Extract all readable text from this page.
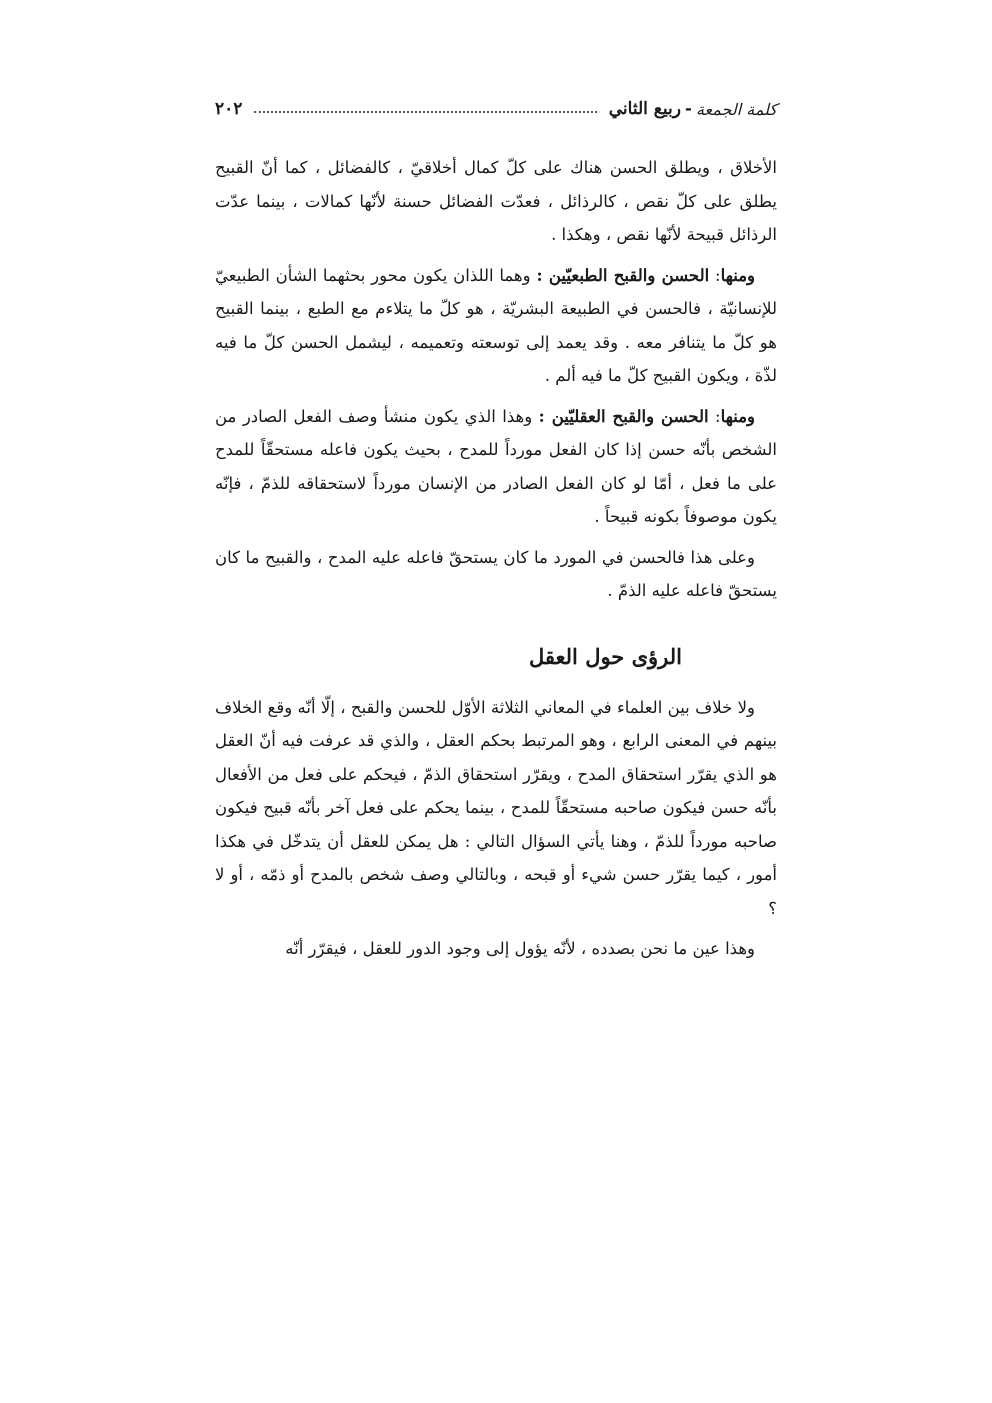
كلمة الجمعة
-
ربيع الثاني
٢٠٢

الأخلاق ، ويطلق الحسن هناك على كلّ كمال أخلاقيّ ، كالفضائل ، كما أنّ القبيح يطلق على كلّ نقص ، كالرذائل ، فعدّت الفضائل حسنة لأنّها كمالات ، بينما عدّت الرذائل قبيحة لأنّها نقص ، وهكذا .

ومنها: الحسن والقبح الطبعيّين : وهما اللذان يكون محور بحثهما الشأن الطبيعيّ للإنسانيّة ، فالحسن في الطبيعة البشريّة ، هو كلّ ما يتلاءم مع الطبع ، بينما القبيح هو كلّ ما يتنافر معه . وقد يعمد إلى توسعته وتعميمه ، ليشمل الحسن كلّ ما فيه لذّة ، ويكون القبيح كلّ ما فيه ألم .

ومنها: الحسن والقبح العقليّين : وهذا الذي يكون منشأ وصف الفعل الصادر من الشخص بأنّه حسن إذا كان الفعل مورداً للمدح ، بحيث يكون فاعله مستحقّاً للمدح على ما فعل ، أمّا لو كان الفعل الصادر من الإنسان مورداً لاستحقاقه للذمّ ، فإنّه يكون موصوفاً بكونه قبيحاً .

وعلى هذا فالحسن في المورد ما كان يستحقّ فاعله عليه المدح ، والقبيح ما كان يستحقّ فاعله عليه الذمّ .

الرؤى حول العقل

ولا خلاف بين العلماء في المعاني الثلاثة الأوّل للحسن والقبح ، إلّا أنّه وقع الخلاف بينهم في المعنى الرابع ، وهو المرتبط بحكم العقل ، والذي قد عرفت فيه أنّ العقل هو الذي يقرّر استحقاق المدح ، ويقرّر استحقاق الذمّ ، فيحكم على فعل من الأفعال بأنّه حسن فيكون صاحبه مستحقّاً للمدح ، بينما يحكم على فعل آخر بأنّه قبيح فيكون صاحبه مورداً للذمّ ، وهنا يأتي السؤال التالي : هل يمكن للعقل أن يتدخّل في هكذا أمور ، كيما يقرّر حسن شيء أو قبحه ، وبالتالي وصف شخص بالمدح أو ذمّه ، أو لا ؟

وهذا عين ما نحن بصدده ، لأنّه يؤول إلى وجود الدور للعقل ، فيقرّر أنّه
